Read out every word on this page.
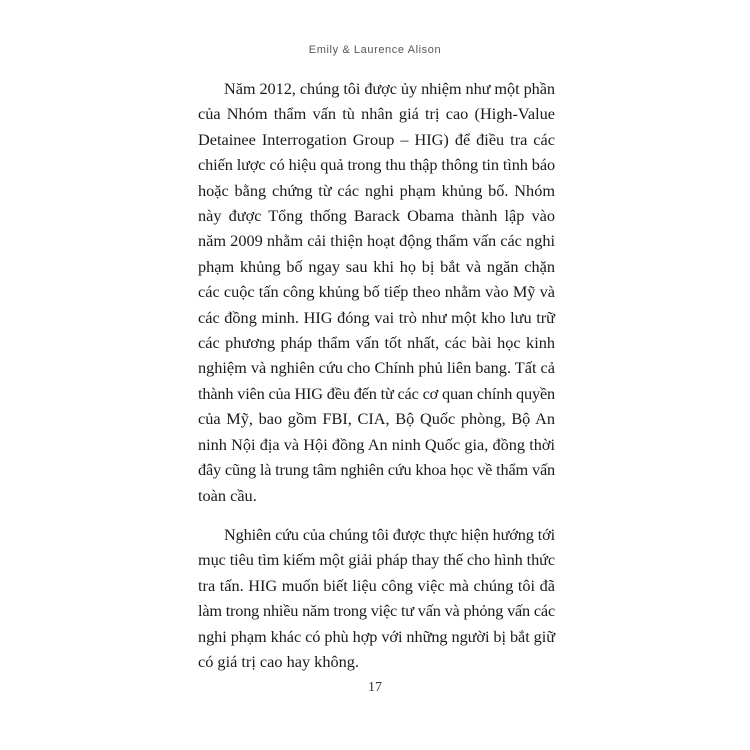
Emily & Laurence Alison
Năm 2012, chúng tôi được ủy nhiệm như một phần
của Nhóm thẩm vấn tù nhân giá trị cao (High-Value
Detainee Interrogation Group – HIG) để điều tra các
chiến lược có hiệu quả trong thu thập thông tin tình báo
hoặc bằng chứng từ các nghi phạm khủng bố. Nhóm
này được Tổng thống Barack Obama thành lập vào
năm 2009 nhằm cải thiện hoạt động thẩm vấn các nghi
phạm khủng bố ngay sau khi họ bị bắt và ngăn chặn
các cuộc tấn công khủng bố tiếp theo nhằm vào Mỹ và
các đồng minh. HIG đóng vai trò như một kho lưu trữ
các phương pháp thẩm vấn tốt nhất, các bài học kinh
nghiệm và nghiên cứu cho Chính phủ liên bang. Tất cả
thành viên của HIG đều đến từ các cơ quan chính quyền
của Mỹ, bao gồm FBI, CIA, Bộ Quốc phòng, Bộ An
ninh Nội địa và Hội đồng An ninh Quốc gia, đồng thời
đây cũng là trung tâm nghiên cứu khoa học về thẩm vấn
toàn cầu.
Nghiên cứu của chúng tôi được thực hiện hướng tới
mục tiêu tìm kiếm một giải pháp thay thế cho hình thức
tra tấn. HIG muốn biết liệu công việc mà chúng tôi đã
làm trong nhiều năm trong việc tư vấn và phỏng vấn các
nghi phạm khác có phù hợp với những người bị bắt giữ
có giá trị cao hay không.
17
